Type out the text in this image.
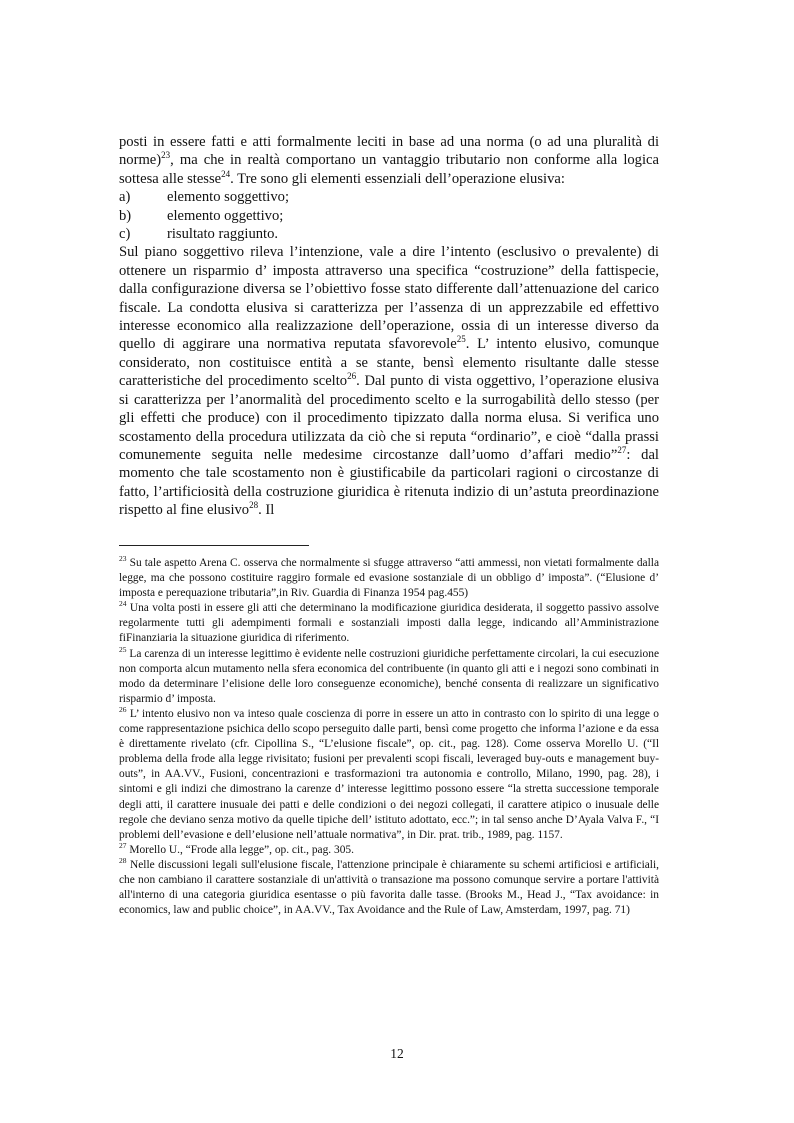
posti in essere fatti e atti formalmente leciti in base ad una norma (o ad una pluralità di norme)$^{23}$, ma che in realtà comportano un vantaggio tributario non conforme alla logica sottesa alle stesse$^{24}$. Tre sono gli elementi essenziali dell’operazione elusiva:

a)	elemento soggettivo;
b)	elemento oggettivo;
c)	risultato raggiunto.

Sul piano soggettivo rileva l’intenzione, vale a dire l’intento (esclusivo o prevalente) di ottenere un risparmio d’ imposta attraverso una specifica “costruzione” della fattispecie, dalla configurazione diversa se l’obiettivo fosse stato differente dall’attenuazione del carico fiscale. La condotta elusiva si caratterizza per l’assenza di un apprezzabile ed effettivo interesse economico alla realizzazione dell’operazione, ossia di un interesse diverso da quello di aggirare una normativa reputata sfavorevole$^{25}$. L’ intento elusivo, comunque considerato, non costituisce entità a se stante, bensì elemento risultante dalle stesse caratteristiche del procedimento scelto$^{26}$. Dal punto di vista oggettivo, l’operazione elusiva si caratterizza per l’anormalità del procedimento scelto e la surrogabilità dello stesso (per gli effetti che produce) con il procedimento tipizzato dalla norma elusa. Si verifica uno scostamento della procedura utilizzata da ciò che si reputa “ordinario”, e cioè “dalla prassi comunemente seguita nelle medesime circostanze dall’uomo d’affari medio”$^{27}$: dal momento che tale scostamento non è giustificabile da particolari ragioni o circostanze di fatto, l’artificiosità della costruzione giuridica è ritenuta indizio di un’astuta preordinazione rispetto al fine elusivo$^{28}$. Il

$^{23}$ Su tale aspetto Arena C. osserva che normalmente si sfugge attraverso “atti ammessi, non vietati formalmente dalla legge, ma che possono costituire raggiro formale ed evasione sostanziale di un obbligo d’ imposta”. (“Elusione d’ imposta e perequazione tributaria”,in Riv. Guardia di Finanza 1954 pag.455)

$^{24}$ Una volta posti in essere gli atti che determinano la modificazione giuridica desiderata, il soggetto passivo assolve regolarmente tutti gli adempimenti formali e sostanziali imposti dalla legge, indicando all’Amministrazione fiFinanziaria la situazione giuridica di riferimento.

$^{25}$ La carenza di un interesse legittimo è evidente nelle costruzioni giuridiche perfettamente circolari, la cui esecuzione non comporta alcun mutamento nella sfera economica del contribuente (in quanto gli atti e i negozi sono combinati in modo da determinare l’elisione delle loro conseguenze economiche), benché consenta di realizzare un significativo risparmio d’ imposta.

$^{26}$ L’ intento elusivo non va inteso quale coscienza di porre in essere un atto in contrasto con lo spirito di una legge o come rappresentazione psichica dello scopo perseguito dalle parti, bensì come progetto che informa l’azione e da essa è direttamente rivelato (cfr. Cipollina S., “L’elusione fiscale”, op. cit., pag. 128). Come osserva Morello U. (“Il problema della frode alla legge rivisitato; fusioni per prevalenti scopi fiscali, leveraged buy-outs e management buy-outs”, in AA.VV., Fusioni, concentrazioni e trasformazioni tra autonomia e controllo, Milano, 1990, pag. 28), i sintomi e gli indizi che dimostrano la carenze d’ interesse legittimo possono essere “la stretta successione temporale degli atti, il carattere inusuale dei patti e delle condizioni o dei negozi collegati, il carattere atipico o inusuale delle regole che deviano senza motivo da quelle tipiche dell’ istituto adottato, ecc.”; in tal senso anche D’Ayala Valva F., “I problemi dell’evasione e dell’elusione nell’attuale normativa”, in Dir. prat. trib., 1989, pag. 1157.

$^{27}$ Morello U., “Frode alla legge”, op. cit., pag. 305.

$^{28}$ Nelle discussioni legali sull'elusione fiscale, l'attenzione principale è chiaramente su schemi artificiosi e artificiali, che non cambiano il carattere sostanziale di un'attività o transazione ma possono comunque servire a portare l'attività all'interno di una categoria giuridica esentasse o più favorita dalle tasse. (Brooks M., Head J., “Tax avoidance: in economics, law and public choice”, in AA.VV., Tax Avoidance and the Rule of Law, Amsterdam, 1997, pag. 71)

12
